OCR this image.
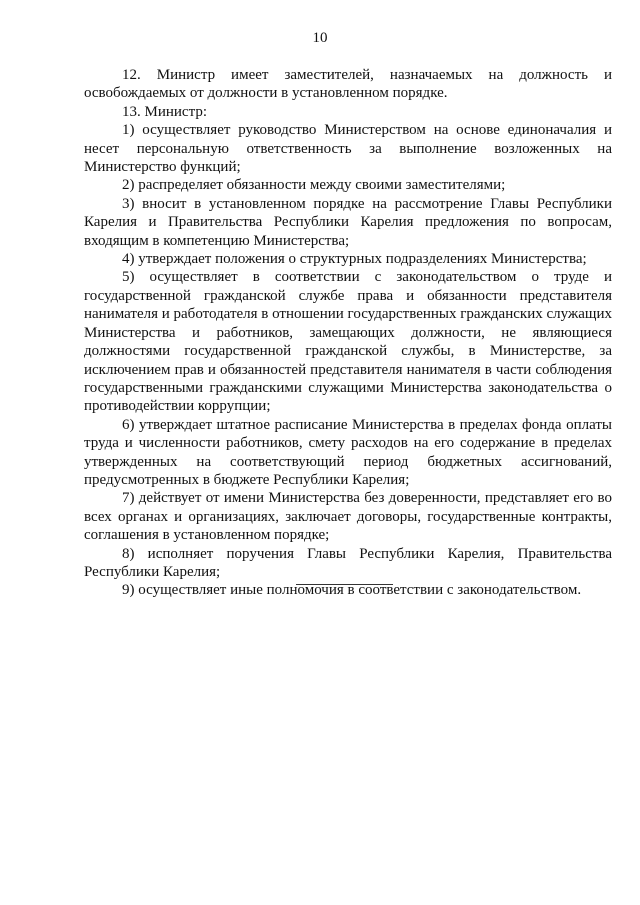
10

12. Министр имеет заместителей, назначаемых на должность и освобождаемых от должности в установленном порядке.

13. Министр:

1) осуществляет руководство Министерством на основе единоначалия и несет персональную ответственность за выполнение возложенных на Министерство функций;

2) распределяет обязанности между своими заместителями;

3) вносит в установленном порядке на рассмотрение Главы Республики Карелия и Правительства Республики Карелия предложения по вопросам, входящим в компетенцию Министерства;

4) утверждает положения о структурных подразделениях Министерства;

5) осуществляет в соответствии с законодательством о труде и государственной гражданской службе права и обязанности представителя нанимателя и работодателя в отношении государственных гражданских служащих Министерства и работников, замещающих должности, не являющиеся должностями государственной гражданской службы, в Министерстве, за исключением прав и обязанностей представителя нанимателя в части соблюдения государственными гражданскими служащими Министерства законодательства о противодействии коррупции;

6) утверждает штатное расписание Министерства в пределах фонда оплаты труда и численности работников, смету расходов на его содержание в пределах утвержденных на соответствующий период бюджетных ассигнований, предусмотренных в бюджете Республики Карелия;

7) действует от имени Министерства без доверенности, представляет его во всех органах и организациях, заключает договоры, государственные контракты, соглашения в установленном порядке;

8) исполняет поручения Главы Республики Карелия, Правительства Республики Карелия;

9) осуществляет иные полномочия в соответствии с законодательством.
